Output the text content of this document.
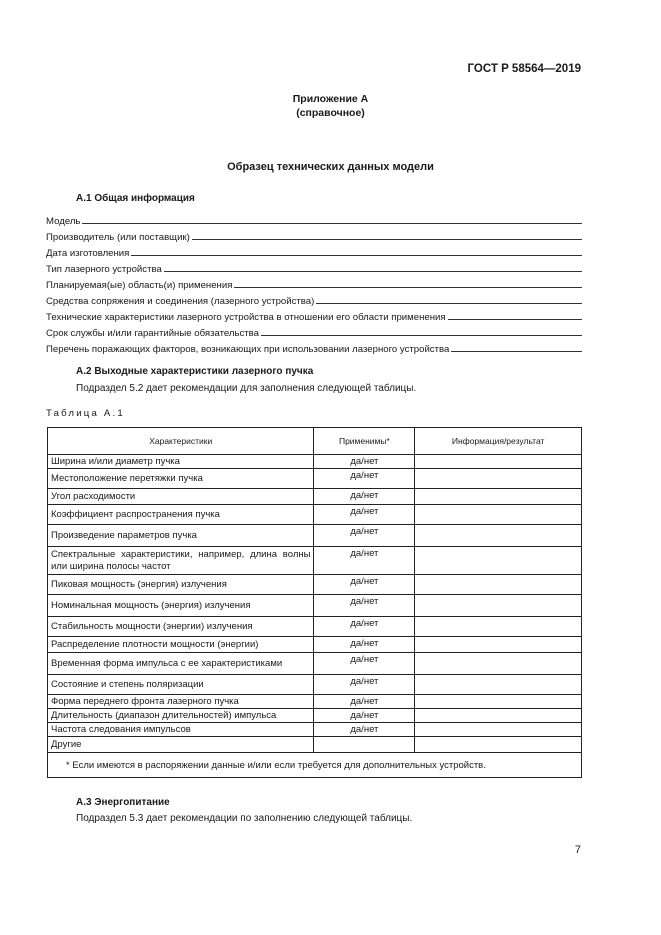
ГОСТ Р 58564—2019
Приложение А
(справочное)
Образец технических данных модели
А.1 Общая информация
Модель
Производитель (или поставщик)
Дата изготовления
Тип лазерного устройства
Планируемая(ые) область(и) применения
Средства сопряжения и соединения (лазерного устройства)
Технические характеристики лазерного устройства в отношении его области применения
Срок службы и/или гарантийные обязательства
Перечень поражающих факторов, возникающих при использовании лазерного устройства
А.2 Выходные характеристики лазерного пучка
Подраздел 5.2 дает рекомендации для заполнения следующей таблицы.
Таблица А.1
Характеристики	Применимы*	Информация/результат
Ширина и/или диаметр пучка	да/нет	
Местоположение перетяжки пучка	да/нет	
Угол расходимости	да/нет	
Коэффициент распространения пучка	да/нет	
Произведение параметров пучка	да/нет	
Спектральные характеристики, например, длина волны или ширина полосы частот	да/нет	
Пиковая мощность (энергия) излучения	да/нет	
Номинальная мощность (энергия) излучения	да/нет	
Стабильность мощности (энергии) излучения	да/нет	
Распределение плотности мощности (энергии)	да/нет	
Временная форма импульса с ее характеристиками	да/нет	
Состояние и степень поляризации	да/нет	
Форма переднего фронта лазерного пучка	да/нет	
Длительность (диапазон длительностей) импульса	да/нет	
Частота следования импульсов	да/нет	
Другие		
* Если имеются в распоряжении данные и/или если требуется для дополнительных устройств.		
А.3 Энергопитание
Подраздел 5.3 дает рекомендации по заполнению следующей таблицы.
7
